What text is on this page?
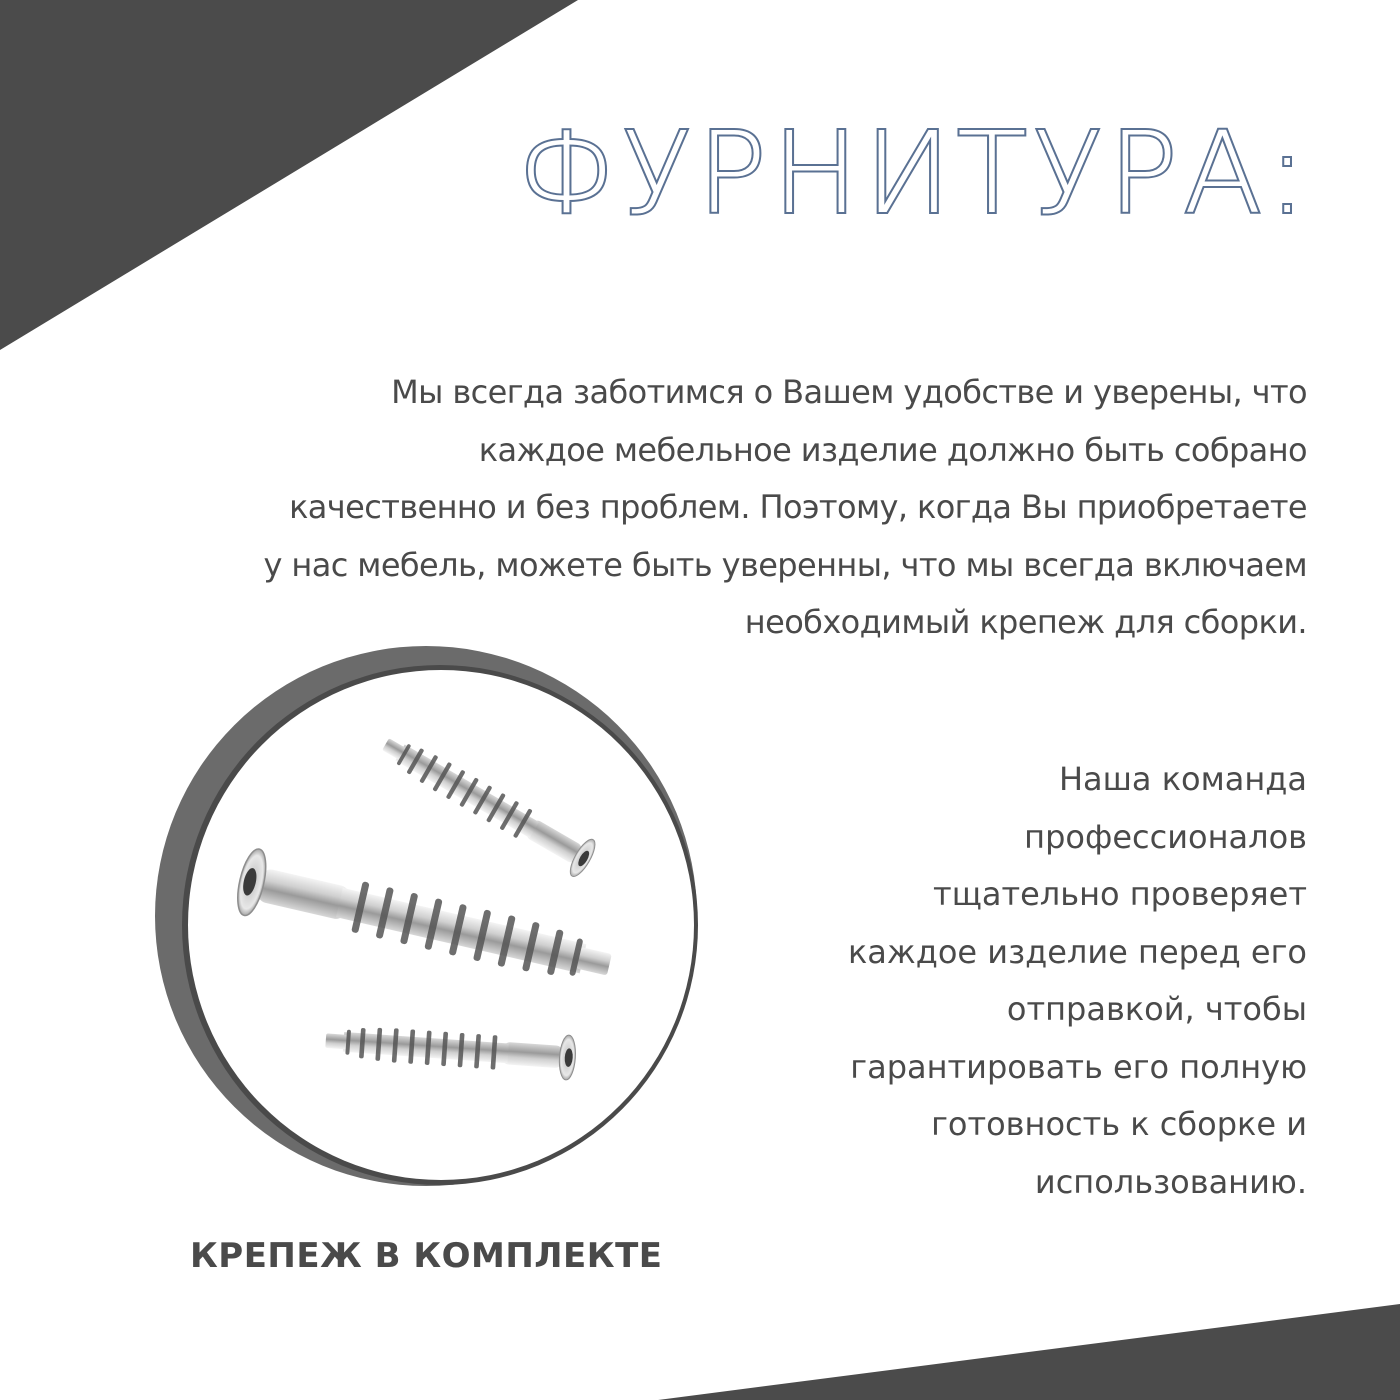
ФУРНИТУРА:
Мы всегда заботимся о Вашем удобстве и уверены, что
каждое мебельное изделие должно быть собрано
качественно и без проблем. Поэтому, когда Вы приобретаете
у нас мебель, можете быть уверенны, что мы всегда включаем
необходимый крепеж для сборки.
Наша команда
профессионалов
тщательно проверяет
каждое изделие перед его
отправкой, чтобы
гарантировать его полную
готовность к сборке и
использованию.
КРЕПЕЖ В КОМПЛЕКТЕ
